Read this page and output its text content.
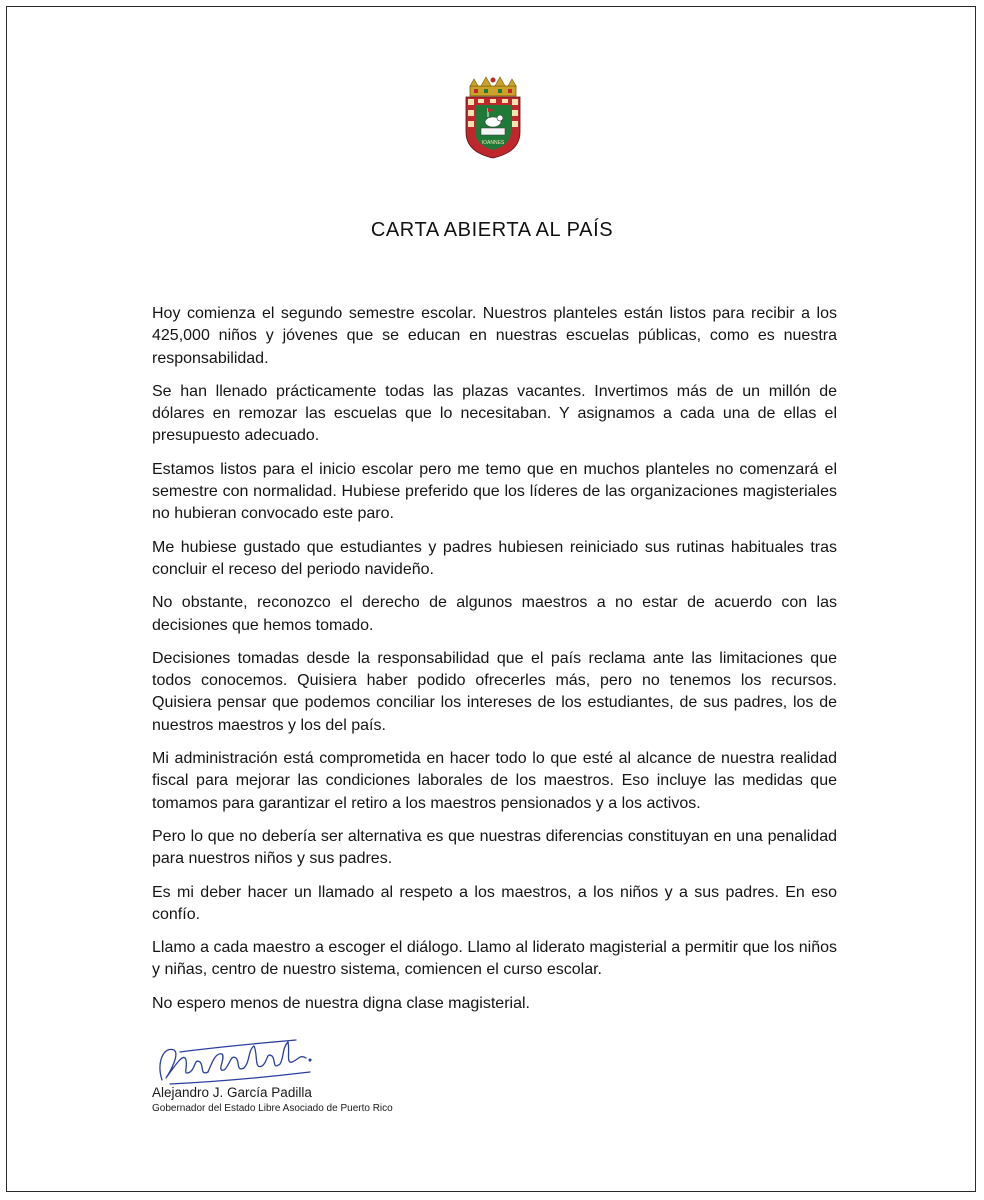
IOANNES
CARTA ABIERTA AL PAÍS

Hoy comienza el segundo semestre escolar. Nuestros planteles están listos para recibir a los 425,000 niños y jóvenes que se educan en nuestras escuelas públicas, como es nuestra responsabilidad.

Se han llenado prácticamente todas las plazas vacantes. Invertimos más de un millón de dólares en remozar las escuelas que lo necesitaban. Y asignamos a cada una de ellas el presupuesto adecuado.

Estamos listos para el inicio escolar pero me temo que en muchos planteles no comenzará el semestre con normalidad. Hubiese preferido que los líderes de las organizaciones magisteriales no hubieran convocado este paro.

Me hubiese gustado que estudiantes y padres hubiesen reiniciado sus rutinas habituales tras concluir el receso del periodo navideño.

No obstante, reconozco el derecho de algunos maestros a no estar de acuerdo con las decisiones que hemos tomado.

Decisiones tomadas desde la responsabilidad que el país reclama ante las limitaciones que todos conocemos. Quisiera haber podido ofrecerles más, pero no tenemos los recursos. Quisiera pensar que podemos conciliar los intereses de los estudiantes, de sus padres, los de nuestros maestros y los del país.

Mi administración está comprometida en hacer todo lo que esté al alcance de nuestra realidad fiscal para mejorar las condiciones laborales de los maestros. Eso incluye las medidas que tomamos para garantizar el retiro a los maestros pensionados y a los activos.

Pero lo que no debería ser alternativa es que nuestras diferencias constituyan en una penalidad para nuestros niños y sus padres.

Es mi deber hacer un llamado al respeto a los maestros, a los niños y a sus padres. En eso confío.

Llamo a cada maestro a escoger el diálogo. Llamo al liderato magisterial a permitir que los niños y niñas, centro de nuestro sistema, comiencen el curso escolar.

No espero menos de nuestra digna clase magisterial.

Alejandro J. García Padilla

Gobernador del Estado Libre Asociado de Puerto Rico
